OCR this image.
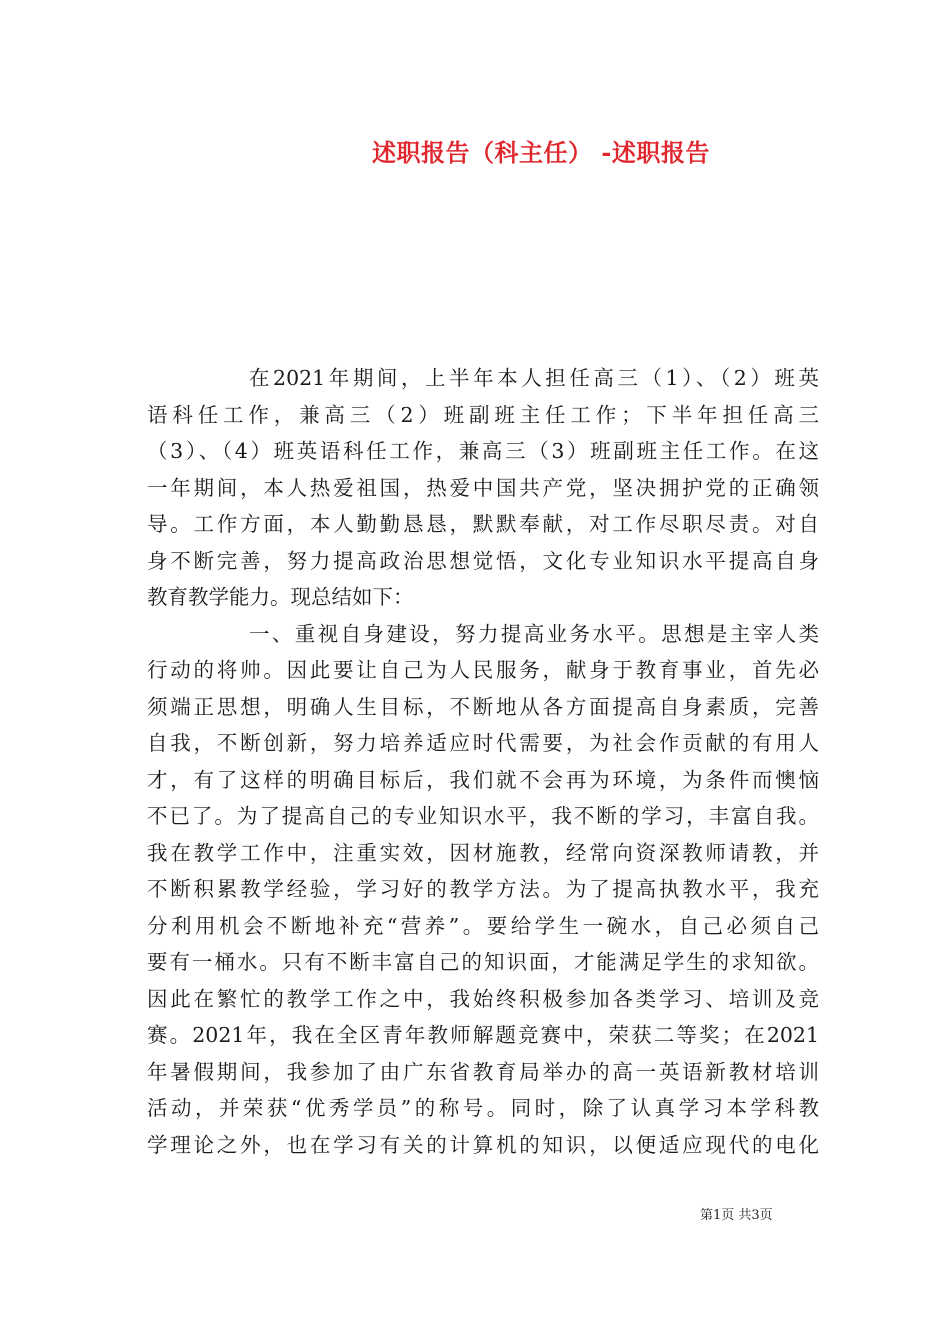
述职报告（科主任） -述职报告
在2021年期间，上半年本人担任高三（1）、（2）班英
语科任工作，兼高三（2）班副班主任工作；下半年担任高三
（3）、（4）班英语科任工作，兼高三（3）班副班主任工作。在这
一年期间，本人热爱祖国，热爱中国共产党，坚决拥护党的正确领
导。工作方面，本人勤勤恳恳，默默奉献，对工作尽职尽责。对自
身不断完善，努力提高政治思想觉悟，文化专业知识水平提高自身
教育教学能力。现总结如下：
一、重视自身建设，努力提高业务水平。思想是主宰人类
行动的将帅。因此要让自己为人民服务，献身于教育事业，首先必
须端正思想，明确人生目标，不断地从各方面提高自身素质，完善
自我，不断创新，努力培养适应时代需要，为社会作贡献的有用人
才，有了这样的明确目标后，我们就不会再为环境，为条件而懊恼
不已了。为了提高自己的专业知识水平，我不断的学习，丰富自我。
我在教学工作中，注重实效，因材施教，经常向资深教师请教，并
不断积累教学经验，学习好的教学方法。为了提高执教水平，我充
分利用机会不断地补充“营养”。要给学生一碗水，自己必须自己
要有一桶水。只有不断丰富自己的知识面，才能满足学生的求知欲。
因此在繁忙的教学工作之中，我始终积极参加各类学习、培训及竞
赛。2021年，我在全区青年教师解题竞赛中，荣获二等奖；在2021
年暑假期间，我参加了由广东省教育局举办的高一英语新教材培训
活动，并荣获“优秀学员”的称号。同时，除了认真学习本学科教
学理论之外，也在学习有关的计算机的知识，以便适应现代的电化
第1页 共3页
